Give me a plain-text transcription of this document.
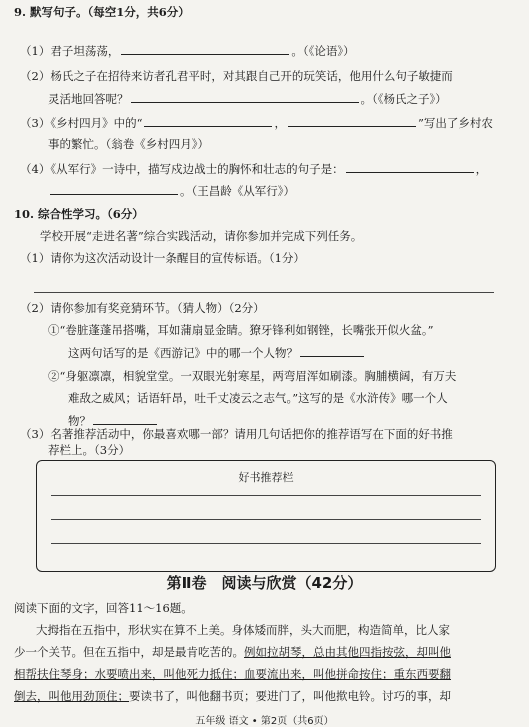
9. 默写句子。（每空1分，共6分）
（1）君子坦荡荡，	。（《论语》）
（2）杨氏之子在招待来访者孔君平时，对其跟自己开的玩笑话，他用什么句子敏捷而
灵活地回答呢？	。（《杨氏之子》）
（3）《乡村四月》中的“	，	”写出了乡村农
事的繁忙。（翁卷《乡村四月》）
（4）《从军行》一诗中，描写戍边战士的胸怀和壮志的句子是：	，
。（王昌龄《从军行》）
10. 综合性学习。（6分）
学校开展“走进名著”综合实践活动，请你参加并完成下列任务。
（1）请你为这次活动设计一条醒目的宣传标语。（1分）
（2）请你参加有奖竞猜环节。（猜人物）（2分）
①“卷脏蓬蓬吊搭嘴，耳如蒲扇显金睛。獠牙锋利如钢锉，长嘴张开似火盆。”
这两句话写的是《西游记》中的哪一个人物？
②“身躯凛凛，相貌堂堂。一双眼光射寒星，两弯眉浑如刷漆。胸脯横阔，有万夫
难敌之威风；话语轩昂，吐千丈凌云之志气。”这写的是《水浒传》哪一个人
物？
（3）名著推荐活动中，你最喜欢哪一部？请用几句话把你的推荐语写在下面的好书推
好书推荐栏
荐栏上。（3分）
第Ⅱ卷　阅读与欣赏（42分）
阅读下面的文字，回答11～16题。
大拇指在五指中，形状实在算不上美。身体矮而胖，头大而肥，构造简单，比人家
少一个关节。但在五指中，却是最肯吃苦的。例如拉胡琴，总由其他四指按弦，却叫他
相帮扶住琴身；水要喷出来，叫他死力抵住；血要流出来，叫他拼命按住；重东西要翻
倒去，叫他用劲顶住；要读书了，叫他翻书页；要进门了，叫他揿电铃。讨巧的事，却
五年级 语文 • 第2页（共6页）
